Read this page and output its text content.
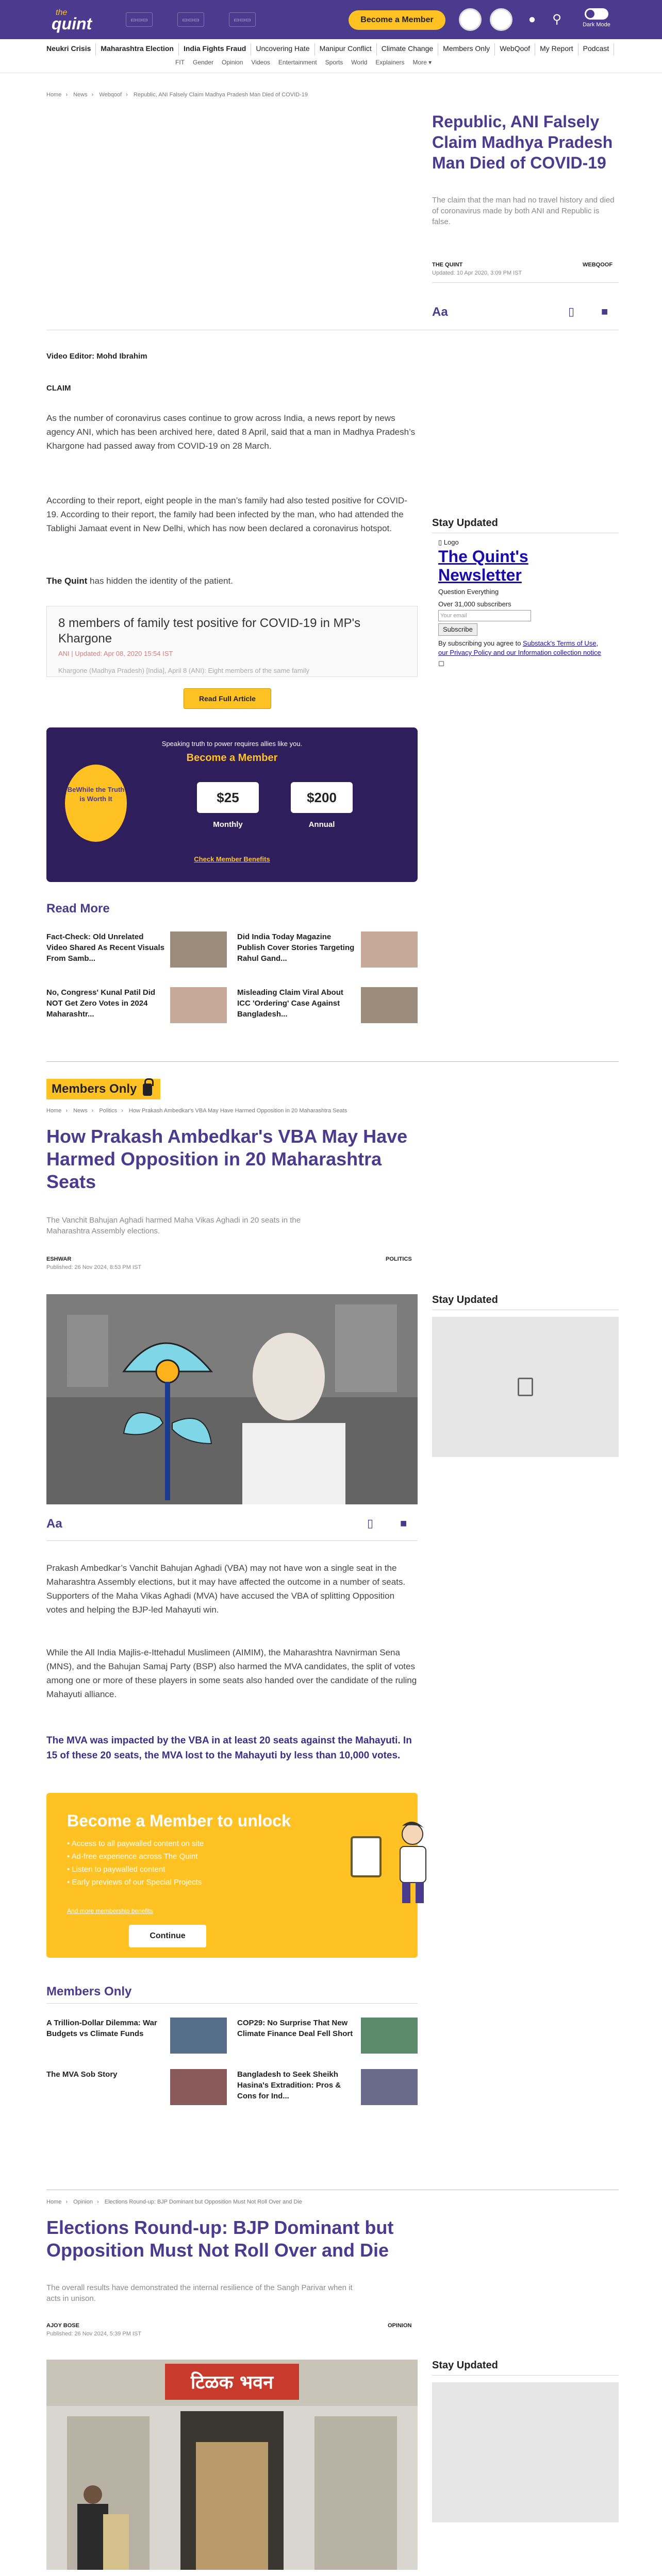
the
quint	▭▭▭	▭▭▭	▭▭▭	Become a Member	●	⚲	Dark Mode
Neukri Crisis	Maharashtra Election	India Fights Fraud	Uncovering Hate	Manipur Conflict	Climate Change	Members Only	WebQoof	My Report	Podcast
FIT Gender Opinion Videos Entertainment Sports World Explainers More ▾
Home › News › Webqoof › Republic, ANI Falsely Claim Madhya Pradesh Man Died of COVID-19
Republic, ANI Falsely Claim Madhya Pradesh Man Died of COVID-19
The claim that the man had no travel history and died of coronavirus made by both ANI and Republic is false.
THE QUINT	WEBQOOF
Updated: 10 Apr 2020, 3:09 PM IST
Aa	▯ ■
Video Editor: Mohd Ibrahim
CLAIM
As the number of coronavirus cases continue to grow across India, a news report by news agency ANI, which has been archived here, dated 8 April, said that a man in Madhya Pradesh’s Khargone had passed away from COVID-19 on 28 March.
According to their report, eight people in the man’s family had also tested positive for COVID-19. According to their report, the family had been infected by the man, who had attended the Tablighi Jamaat event in New Delhi, which has now been declared a coronavirus hotspot.
The Quint has hidden the identity of the patient.
8 members of family test positive for COVID-19 in MP's Khargone
ANI | Updated: Apr 08, 2020 15:54 IST
Khargone (Madhya Pradesh) [India], April 8 (ANI): Eight members of the same family
Read Full Article
BeWhile the Truth is Worth It
Speaking truth to power requires allies like you.
Become a Member
$25	$200
Monthly	Annual
Check Member Benefits
Read More
Fact-Check: Old Unrelated Video Shared As Recent Visuals From Samb...
Did India Today Magazine Publish Cover Stories Targeting Rahul Gand...
No, Congress' Kunal Patil Did NOT Get Zero Votes in 2024 Maharashtr...
Misleading Claim Viral About ICC 'Ordering' Case Against Bangladesh...
Stay Updated
▯ Logo
The Quint's Newsletter
Question Everything
Over 31,000 subscribers
Your email
Subscribe
By subscribing you agree to Substack's Terms of Use, our Privacy Policy and our Information collection notice
☐
Members Only
Home › News › Politics › How Prakash Ambedkar's VBA May Have Harmed Opposition in 20 Maharashtra Seats
How Prakash Ambedkar's VBA May Have Harmed Opposition in 20 Maharashtra Seats
The Vanchit Bahujan Aghadi harmed Maha Vikas Aghadi in 20 seats in the Maharashtra Assembly elections.
ESHWAR	POLITICS
Published: 26 Nov 2024, 8:53 PM IST
Aa	▯ ■
Prakash Ambedkar’s Vanchit Bahujan Aghadi (VBA) may not have won a single seat in the Maharashtra Assembly elections, but it may have affected the outcome in a number of seats. Supporters of the Maha Vikas Aghadi (MVA) have accused the VBA of splitting Opposition votes and helping the BJP-led Mahayuti win.
While the All India Majlis-e-Ittehadul Muslimeen (AIMIM), the Maharashtra Navnirman Sena (MNS), and the Bahujan Samaj Party (BSP) also harmed the MVA candidates, the split of votes among one or more of these players in some seats also handed over the candidate of the ruling Mahayuti alliance.
The MVA was impacted by the VBA in at least 20 seats against the Mahayuti. In 15 of these 20 seats, the MVA lost to the Mahayuti by less than 10,000 votes.
Become a Member to unlock
• Access to all paywalled content on site
• Ad-free experience across The Quint
• Listen to paywalled content
• Early previews of our Special Projects
And more membership benefits
Continue
Members Only
A Trillion-Dollar Dilemma: War Budgets vs Climate Funds
COP29: No Surprise That New Climate Finance Deal Fell Short
The MVA Sob Story	Bangladesh to Seek Sheikh Hasina's Extradition: Pros & Cons for Ind...
Stay Updated
Home › Opinion › Elections Round-up: BJP Dominant but Opposition Must Not Roll Over and Die
Elections Round-up: BJP Dominant but Opposition Must Not Roll Over and Die
The overall results have demonstrated the internal resilience of the Sangh Parivar when it acts in unison.
AJOY BOSE	OPINION
Published: 26 Nov 2024, 5:39 PM IST
टिळक भवन
Stay Updated
